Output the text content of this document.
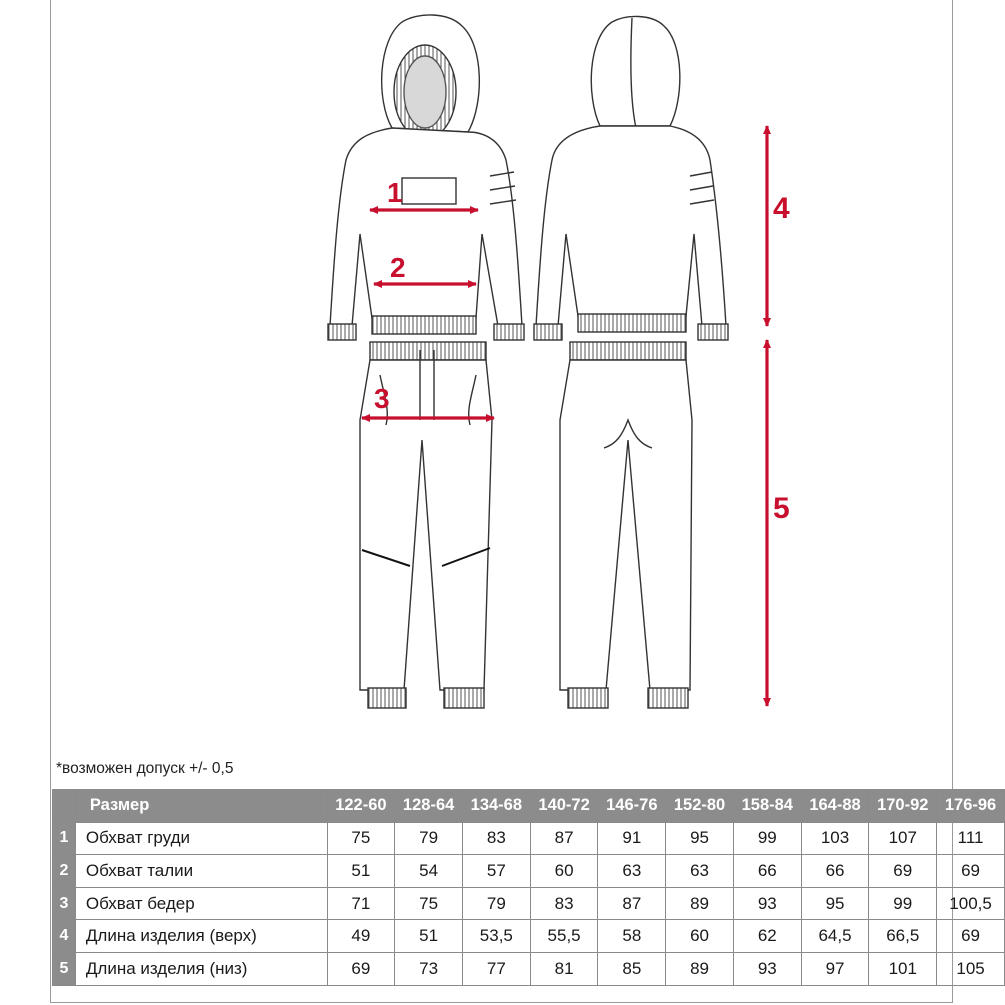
1
2
3
4
5
*возможен допуск +/- 0,5
	Размер	122-60	128-64	134-68	140-72	146-76	152-80	158-84	164-88	170-92	176-96
1	Обхват груди	75	79	83	87	91	95	99	103	107	111
2	Обхват талии	51	54	57	60	63	63	66	66	69	69
3	Обхват бедер	71	75	79	83	87	89	93	95	99	100,5
4	Длина изделия (верх)	49	51	53,5	55,5	58	60	62	64,5	66,5	69
5	Длина изделия (низ)	69	73	77	81	85	89	93	97	101	105
